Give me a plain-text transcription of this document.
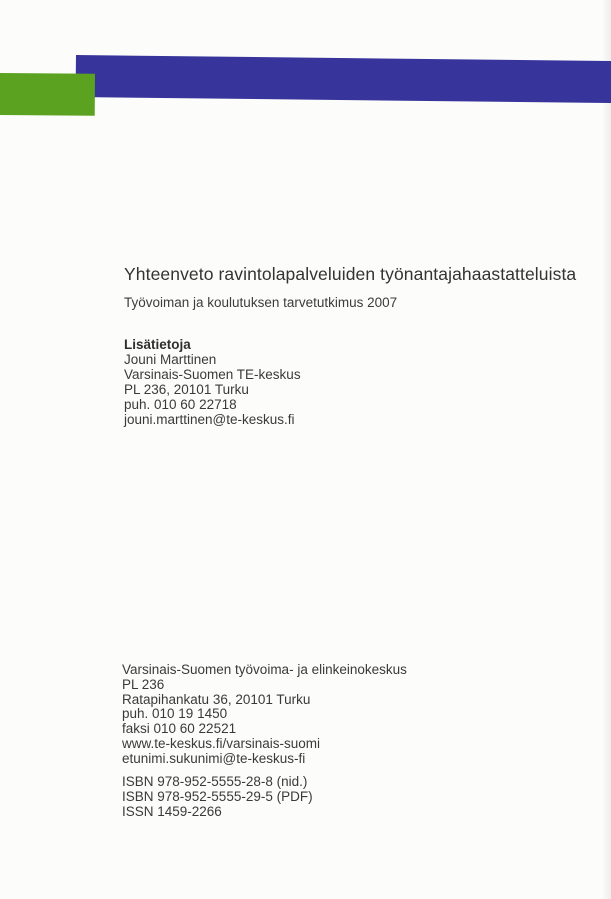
Yhteenveto ravintolapalveluiden työnantajahaastatteluista
Työvoiman ja koulutuksen tarvetutkimus 2007
Lisätietoja
Jouni Marttinen
Varsinais-Suomen TE-keskus
PL 236, 20101 Turku
puh. 010 60 22718
jouni.marttinen@te-keskus.fi
Varsinais-Suomen työvoima- ja elinkeinokeskus
PL 236
Ratapihankatu 36, 20101 Turku
puh. 010 19 1450
faksi 010 60 22521
www.te-keskus.fi/varsinais-suomi
etunimi.sukunimi@te-keskus-fi
ISBN 978-952-5555-28-8 (nid.)
ISBN 978-952-5555-29-5 (PDF)
ISSN 1459-2266
